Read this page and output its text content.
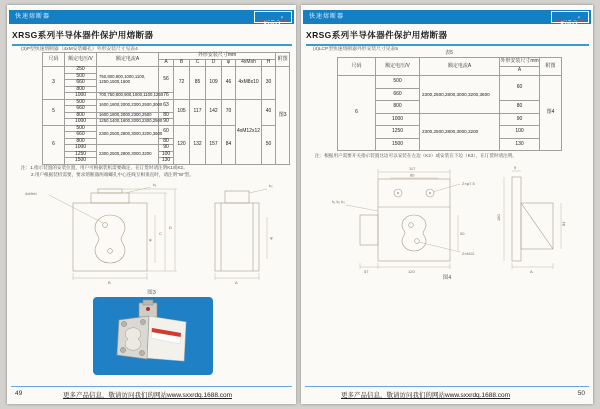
快速熔断器
XiRO®
XRSG系列半导体器件保护用熔断器
(3)P型快速熔断器（4xM安装螺孔）外形安装尺寸见表4
尺码	额定电压/V	额定电流A	外形安装尺寸mm							附图
			A	B	C	D	φ	4xMxh	H	
3	250	750,800,900,1000,1100,
1250,1500,1600	56	72	85	109	46	4xM8x10	30	图3
	500									
	660									
	800									
	1000	700,750,800,900,1000,1100,1250	76							
5	500	1600,1800,2000,2300,2500,3000	63	105	117	142	70	4xM12x12	40	
	660									
	800	1600,1800,2000,2300,2500	80							
	1000	1250,1400,1600,2000,2300,2500	90							
6	500	2300,2500,2800,3000,3200,3600	60	120	132	157	84		50	
	660									
	800		80							
	1000	2300,2500,2800,3000,3200	90							
	1250		100							
	1500		130							
注：1.指示装置的安装位置，用户可根据装机需要确定，在订货时请注明K1或K2。
2.用户根据装机需要，要求熔断器两端螺孔中心连线互相垂直时，请注明“W”型。
4xMxh
k₁
B
φ
C
D
k₂
φ
A
图3
49	更多产品信息，敬请访问我们的网站www.sxxrdq.1688.com
快速熔断器
XiRO®
XRSG系列半导体器件保护用熔断器
(4)LCP型快速熔断器外形安装尺寸见表5
表5
尺码	额定电压/V	额定电流A	外形安装尺寸mm	附图
			A	
6	500	2300,2500,2800,3000,3200,3600	60	图4
	660			
	800		80	
	1000	2300,2500,2800,3000,3200	90	
	1250		100	
	1500		130	
注：根据用户需要开关指示装置这边可以安装在左边（K2）或安装在下边（K3），在订货时请注明。
117
80
2×φ7.5
k₁ k₂ k₃
2×M12
50
57	120
9
180
84
A
图4
更多产品信息，敬请访问我们的网站www.sxxrdq.1688.com	50
